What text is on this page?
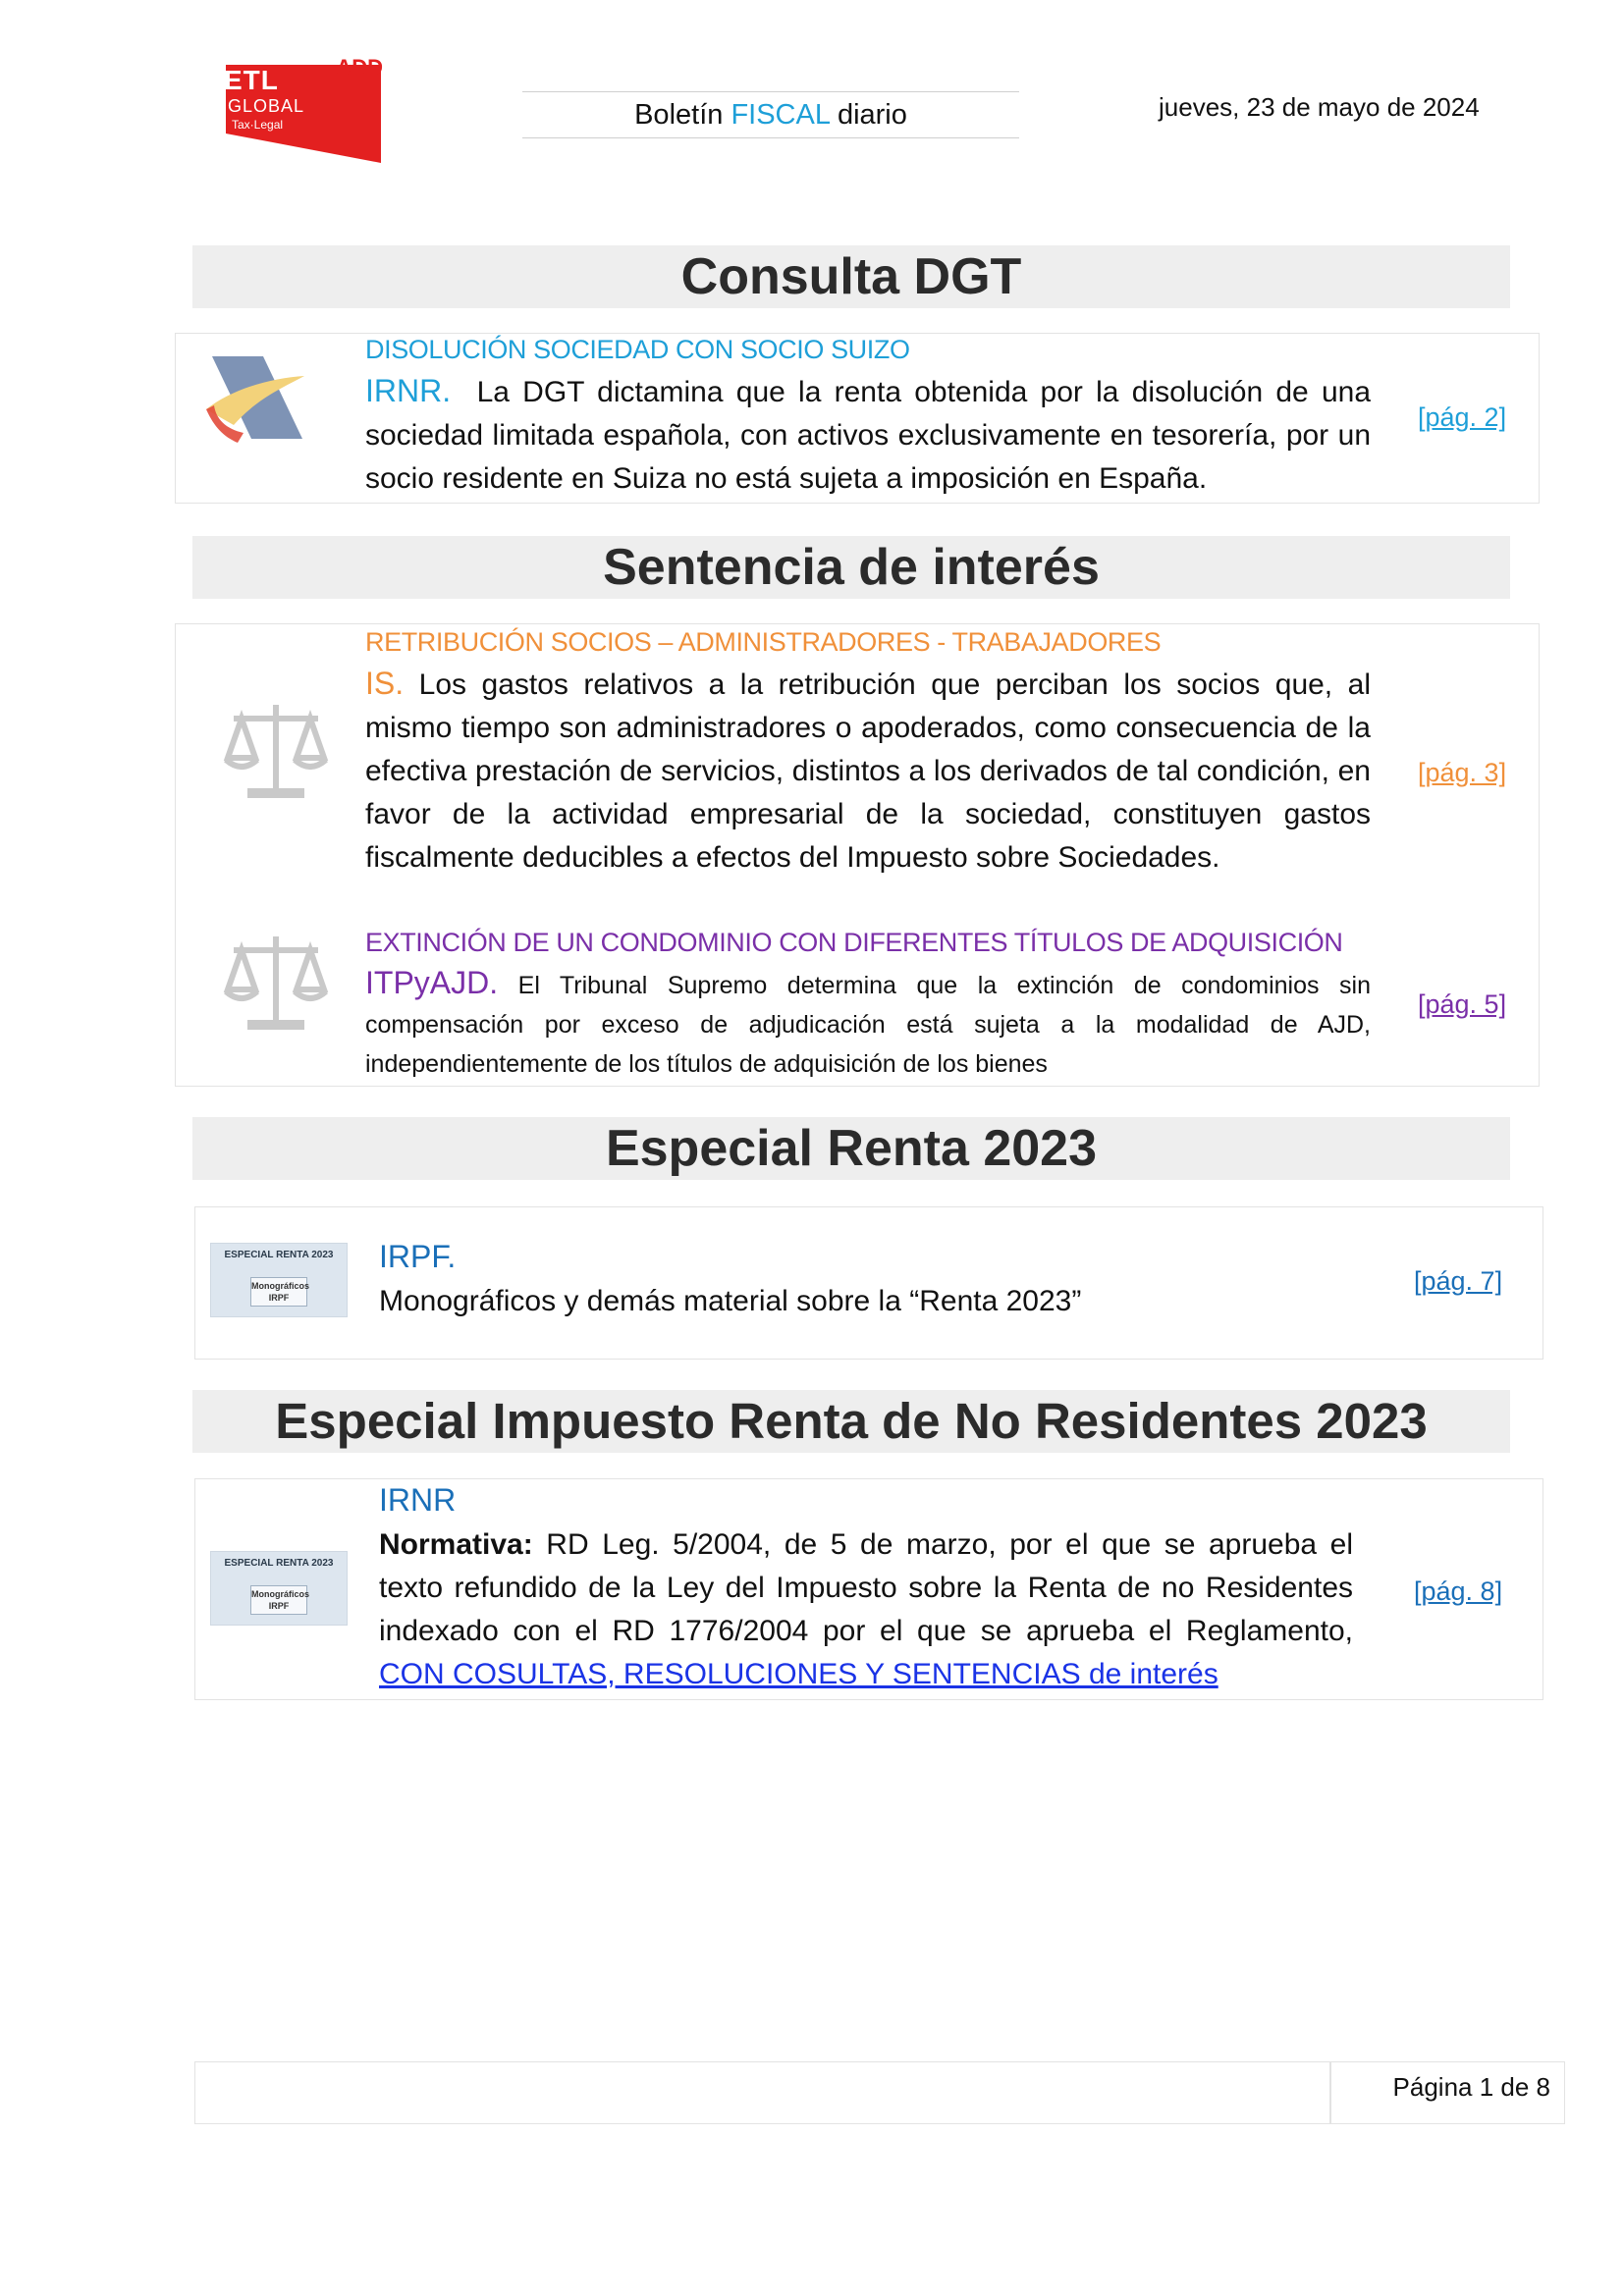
ADD
ETL
GLOBAL
Tax·Legal	Boletín FISCAL diario	jueves, 23 de mayo de 2024
Consulta DGT
DISOLUCIÓN SOCIEDAD CON SOCIO SUIZO
IRNR. La DGT dictamina que la renta obtenida por la disolución de una sociedad limitada española, con activos exclusivamente en tesorería, por un socio residente en Suiza no está sujeta a imposición en España.
[pág. 2]
Sentencia de interés
RETRIBUCIÓN SOCIOS – ADMINISTRADORES - TRABAJADORES
IS. Los gastos relativos a la retribución que perciban los socios que, al mismo tiempo son administradores o apoderados, como consecuencia de la efectiva prestación de servicios, distintos a los derivados de tal condición, en favor de la actividad empresarial de la sociedad, constituyen gastos fiscalmente deducibles a efectos del Impuesto sobre Sociedades.
[pág. 3]
EXTINCIÓN DE UN CONDOMINIO CON DIFERENTES TÍTULOS DE ADQUISICIÓN
ITPyAJD. El Tribunal Supremo determina que la extinción de condominios sin compensación por exceso de adjudicación está sujeta a la modalidad de AJD, independientemente de los títulos de adquisición de los bienes
[pág. 5]
Especial Renta 2023
ESPECIAL RENTA 2023
Monográficos
IRPF
IRPF.
Monográficos y demás material sobre la “Renta 2023”
[pág. 7]
Especial Impuesto Renta de No Residentes 2023
ESPECIAL RENTA 2023
Monográficos
IRPF
IRNR
Normativa: RD Leg. 5/2004, de 5 de marzo, por el que se aprueba el texto refundido de la Ley del Impuesto sobre la Renta de no Residentes indexado con el RD 1776/2004 por el que se aprueba el Reglamento, CON COSULTAS, RESOLUCIONES Y SENTENCIAS de interés
[pág. 8]
Página 1 de 8
